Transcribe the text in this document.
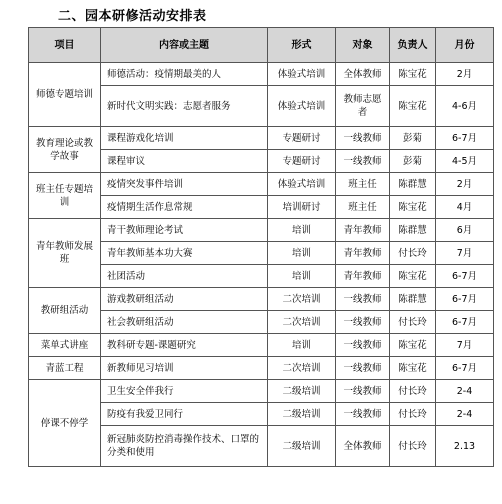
二、园本研修活动安排表
项目	内容或主题	形式	对象	负责人	月份
师德专题培训	师德活动：疫情期最美的人	体验式培训	全体教师	陈宝花	2月
	新时代文明实践：志愿者服务	体验式培训	教师志愿者	陈宝花	4-6月
教育理论或教学故事	课程游戏化培训	专题研讨	一线教师	彭菊	6-7月
	课程审议	专题研讨	一线教师	彭菊	4-5月
班主任专题培训	疫情突发事件培训	体验式培训	班主任	陈群慧	2月
	疫情期生活作息常规	培训研讨	班主任	陈宝花	4月
青年教师发展班	青干教师理论考试	培训	青年教师	陈群慧	6月
	青年教师基本功大赛	培训	青年教师	付长玲	7月
	社团活动	培训	青年教师	陈宝花	6-7月
教研组活动	游戏教研组活动	二次培训	一线教师	陈群慧	6-7月
	社会教研组活动	二次培训	一线教师	付长玲	6-7月
菜单式讲座	教科研专题-课题研究	培训	一线教师	陈宝花	7月
青蓝工程	新教师见习培训	二次培训	一线教师	陈宝花	6-7月
停课不停学	卫生安全伴我行	二级培训	一线教师	付长玲	2-4
	防疫有我爱卫同行	二级培训	一线教师	付长玲	2-4
	新冠肺炎防控消毒操作技术、口罩的分类和使用	二级培训	全体教师	付长玲	2.13
